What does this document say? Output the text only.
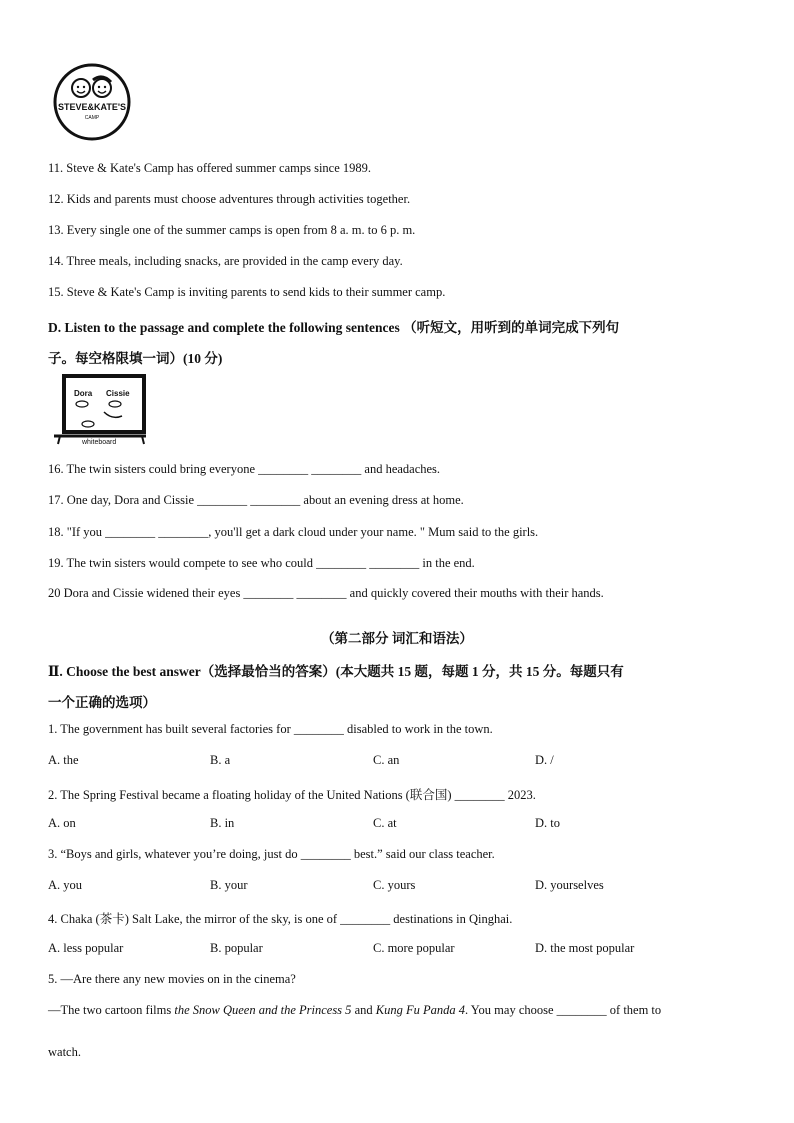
STEVE&KATE'S
CAMP
11. Steve & Kate's Camp has offered summer camps since 1989.
12. Kids and parents must choose adventures through activities together.
13. Every single one of the summer camps is open from 8 a. m. to 6 p. m.
14. Three meals, including snacks, are provided in the camp every day.
15. Steve & Kate's Camp is inviting parents to send kids to their summer camp.
D. Listen to the passage and complete the following sentences （听短文，用听到的单词完成下列句
子。每空格限填一词）(10 分)
Dora Cissie
whiteboard
16. The twin sisters could bring everyone ________ ________ and headaches.
17. One day, Dora and Cissie ________ ________ about an evening dress at home.
18. "If you ________ ________, you'll get a dark cloud under your name. " Mum said to the girls.
19. The twin sisters would compete to see who could ________ ________ in the end.
20 Dora and Cissie widened their eyes ________ ________ and quickly covered their mouths with their hands.
（第二部分 词汇和语法）
Ⅱ. Choose the best answer（选择最恰当的答案）(本大题共 15 题，每题 1 分，共 15 分。每题只有
一个正确的选项）
1. The government has built several factories for ________ disabled to work in the town.
A. the	B. a	C. an	D. /
2. The Spring Festival became a floating holiday of the United Nations (联合国) ________ 2023.
A. on	B. in	C. at	D. to
3. “Boys and girls, whatever you’re doing, just do ________ best.” said our class teacher.
A. you	B. your	C. yours	D. yourselves
4. Chaka (茶卡) Salt Lake, the mirror of the sky, is one of ________ destinations in Qinghai.
A. less popular	B. popular	C. more popular	D. the most popular
5. —Are there any new movies on in the cinema?
—The two cartoon films the Snow Queen and the Princess 5 and Kung Fu Panda 4. You may choose ________ of them to
watch.
